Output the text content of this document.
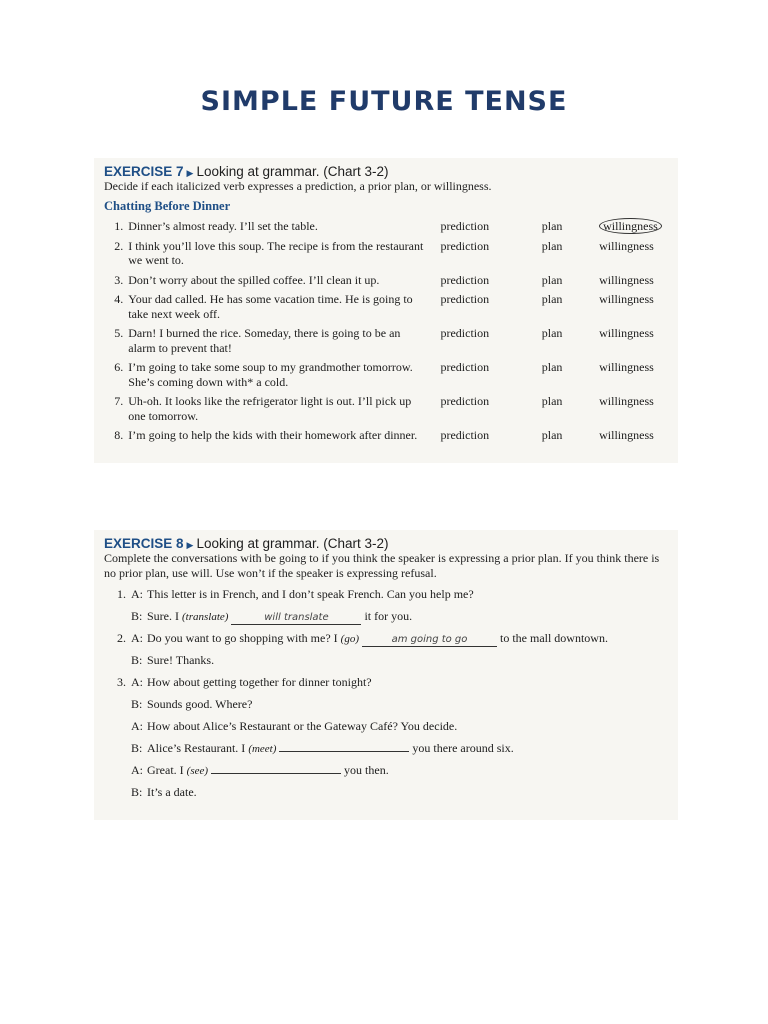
SIMPLE FUTURE TENSE
EXERCISE 7 ▶ Looking at grammar. (Chart 3-2)
Decide if each italicized verb expresses a prediction, a prior plan, or willingness.
Chatting Before Dinner
1.	Dinner’s almost ready. I’ll set the table.	prediction	plan	willingness
2.	I think you’ll love this soup. The recipe is from the restaurant we went to.	prediction	plan	willingness
3.	Don’t worry about the spilled coffee. I’ll clean it up.	prediction	plan	willingness
4.	Your dad called. He has some vacation time. He is going to take next week off.	prediction	plan	willingness
5.	Darn! I burned the rice. Someday, there is going to be an alarm to prevent that!	prediction	plan	willingness
6.	I’m going to take some soup to my grandmother tomorrow. She’s coming down with* a cold.	prediction	plan	willingness
7.	Uh-oh. It looks like the refrigerator light is out. I’ll pick up one tomorrow.	prediction	plan	willingness
8.	I’m going to help the kids with their homework after dinner.	prediction	plan	willingness
EXERCISE 8 ▶ Looking at grammar. (Chart 3-2)
Complete the conversations with be going to if you think the speaker is expressing a prior plan. If you think there is no prior plan, use will. Use won’t if the speaker is expressing refusal.
1. A: This letter is in French, and I don’t speak French. Can you help me?
B: Sure. I (translate)	will translate	it for you.
2. A: Do you want to go shopping with me? I (go)	am going to go	to the mall downtown.
B: Sure! Thanks.
3. A: How about getting together for dinner tonight?
B: Sounds good. Where?
A: How about Alice’s Restaurant or the Gateway Café? You decide.
B: Alice’s Restaurant. I (meet)	you there around six.
A: Great. I (see)	you then.
B: It’s a date.
